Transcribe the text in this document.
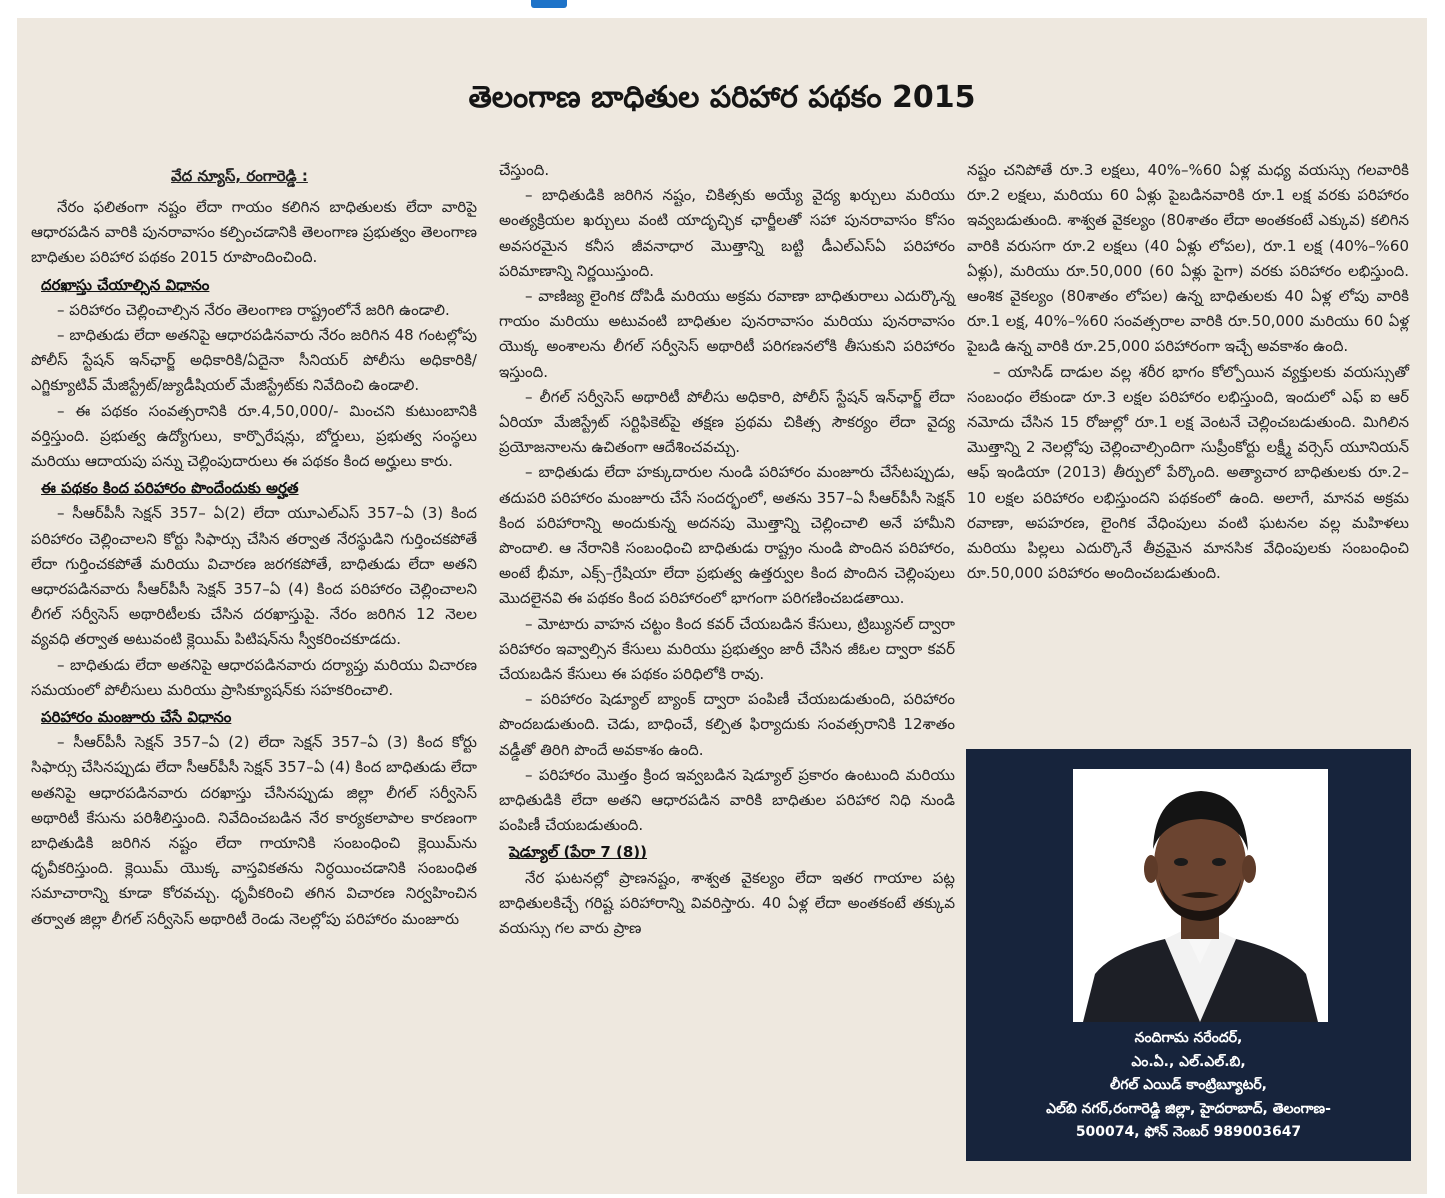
తెలంగాణ బాధితుల పరిహార పథకం 2015
వేద న్యూస్, రంగారెడ్డి :

నేరం ఫలితంగా నష్టం లేదా గాయం కలిగిన బాధితులకు లేదా వారిపై ఆధారపడిన వారికి పునరావాసం కల్పించడానికి తెలంగాణ ప్రభుత్వం తెలంగాణ బాధితుల పరిహార పథకం 2015 రూపొందించింది.

దరఖాస్తు చేయాల్సిన విధానం

– పరిహారం చెల్లించాల్సిన నేరం తెలంగాణ రాష్ట్రంలోనే జరిగి ఉండాలి.

– బాధితుడు లేదా అతనిపై ఆధారపడినవారు నేరం జరిగిన 48 గంటల్లోపు పోలీస్ స్టేషన్ ఇన్‌ఛార్జ్ అధికారికి/ఏదైనా సీనియర్ పోలీసు అధికారికి/ఎగ్జిక్యూటివ్ మేజిస్ట్రేట్/జ్యుడీషియల్ మేజిస్ట్రేట్‌కు నివేదించి ఉండాలి.

– ఈ పథకం సంవత్సరానికి రూ.4,50,000/- మించని కుటుంబానికి వర్తిస్తుంది. ప్రభుత్వ ఉద్యోగులు, కార్పొరేషన్లు, బోర్డులు, ప్రభుత్వ సంస్థలు మరియు ఆదాయపు పన్ను చెల్లింపుదారులు ఈ పథకం కింద అర్హులు కారు.

ఈ పథకం కింద పరిహారం పొందేందుకు అర్హత

– సీఆర్‌పీసీ సెక్షన్ 357– ఏ(2) లేదా యూఎల్‌ఎస్ 357–ఏ (3) కింద పరిహారం చెల్లించాలని కోర్టు సిఫార్సు చేసిన తర్వాత నేరస్థుడిని గుర్తించకపోతే లేదా గుర్తించకపోతే మరియు విచారణ జరగకపోతే, బాధితుడు లేదా అతని ఆధారపడినవారు సీఆర్‌పీసీ సెక్షన్ 357–ఏ (4) కింద పరిహారం చెల్లించాలని లీగల్ సర్వీసెస్ అథారిటీలకు చేసిన దరఖాస్తుపై. నేరం జరిగిన 12 నెలల వ్యవధి తర్వాత అటువంటి క్లెయిమ్ పిటిషన్‌ను స్వీకరించకూడదు.

– బాధితుడు లేదా అతనిపై ఆధారపడినవారు దర్యాప్తు మరియు విచారణ సమయంలో పోలీసులు మరియు ప్రాసిక్యూషన్‌కు సహకరించాలి.

పరిహారం మంజూరు చేసే విధానం

– సీఆర్‌పీసీ సెక్షన్ 357–ఏ (2) లేదా సెక్షన్ 357–ఏ (3) కింద కోర్టు సిఫార్సు చేసినప్పుడు లేదా సీఆర్‌పీసీ సెక్షన్ 357–ఏ (4) కింద బాధితుడు లేదా అతనిపై ఆధారపడినవారు దరఖాస్తు చేసినప్పుడు జిల్లా లీగల్ సర్వీసెస్ అథారిటీ కేసును పరిశీలిస్తుంది. నివేదించబడిన నేర కార్యకలాపాల కారణంగా బాధితుడికి జరిగిన నష్టం లేదా గాయానికి సంబంధించి క్లెయిమ్‌ను ధృవీకరిస్తుంది. క్లెయిమ్ యొక్క వాస్తవికతను నిర్ధయించడానికి సంబంధిత సమాచారాన్ని కూడా కోరవచ్చు. ధృవీకరించి తగిన విచారణ నిర్వహించిన తర్వాత జిల్లా లీగల్ సర్వీసెస్ అథారిటీ రెండు నెలల్లోపు పరిహారం మంజూరు

చేస్తుంది.

– బాధితుడికి జరిగిన నష్టం, చికిత్సకు అయ్యే వైద్య ఖర్చులు మరియు అంత్యక్రియల ఖర్చులు వంటి యాదృచ్ఛిక ఛార్జీలతో సహా పునరావాసం కోసం అవసరమైన కనీస జీవనాధార మొత్తాన్ని బట్టి డీఎల్‌ఎస్ఏ పరిహారం పరిమాణాన్ని నిర్ణయిస్తుంది.

– వాణిజ్య లైంగిక దోపిడీ మరియు అక్రమ రవాణా బాధితురాలు ఎదుర్కొన్న గాయం మరియు అటువంటి బాధితుల పునరావాసం మరియు పునరావాసం యొక్క అంశాలను లీగల్ సర్వీసెస్ అథారిటీ పరిగణనలోకి తీసుకుని పరిహారం ఇస్తుంది.

– లీగల్ సర్వీసెస్ అథారిటీ పోలీసు అధికారి, పోలీస్ స్టేషన్ ఇన్‌ఛార్జ్ లేదా ఏరియా మేజిస్ట్రేట్ సర్టిఫికెట్‌పై తక్షణ ప్రథమ చికిత్స సౌకర్యం లేదా వైద్య ప్రయోజనాలను ఉచితంగా ఆదేశించవచ్చు.

– బాధితుడు లేదా హక్కుదారుల నుండి పరిహారం మంజూరు చేసేటప్పుడు, తదుపరి పరిహారం మంజూరు చేసే సందర్భంలో, అతను 357–ఏ సీఆర్‌పీసీ సెక్షన్ కింద పరిహారాన్ని అందుకున్న అదనపు మొత్తాన్ని చెల్లించాలి అనే హామీని పొందాలి. ఆ నేరానికి సంబంధించి బాధితుడు రాష్ట్రం నుండి పొందిన పరిహారం, అంటే భీమా, ఎక్స్‌–గ్రేషియా లేదా ప్రభుత్వ ఉత్తర్వుల కింద పొందిన చెల్లింపులు మొదలైనవి ఈ పథకం కింద పరిహారంలో భాగంగా పరిగణించబడతాయి.

– మోటారు వాహన చట్టం కింద కవర్ చేయబడిన కేసులు, ట్రిబ్యునల్ ద్వారా పరిహారం ఇవ్వాల్సిన కేసులు మరియు ప్రభుత్వం జారీ చేసిన జీఓల ద్వారా కవర్ చేయబడిన కేసులు ఈ పథకం పరిధిలోకి రావు.

– పరిహారం షెడ్యూల్ బ్యాంక్ ద్వారా పంపిణీ చేయబడుతుంది, పరిహారం పొందబడుతుంది. చెడు, బాధించే, కల్పిత ఫిర్యాదుకు సంవత్సరానికి 12శాతం వడ్డీతో తిరిగి పొందే అవకాశం ఉంది.

– పరిహారం మొత్తం క్రింద ఇవ్వబడిన షెడ్యూల్ ప్రకారం ఉంటుంది మరియు బాధితుడికి లేదా అతని ఆధారపడిన వారికి బాధితుల పరిహార నిధి నుండి పంపిణీ చేయబడుతుంది.

షెడ్యూల్ (పేరా 7 (8))

నేర ఘటనల్లో ప్రాణనష్టం, శాశ్వత వైకల్యం లేదా ఇతర గాయాల పట్ల బాధితులకిచ్చే గరిష్ట పరిహారాన్ని వివరిస్తారు. 40 ఏళ్ల లేదా అంతకంటే తక్కువ వయస్సు గల వారు ప్రాణ

నష్టం చనిపోతే రూ.3 లక్షలు, 40%–%60 ఏళ్ల మధ్య వయస్సు గలవారికి రూ.2 లక్షలు, మరియు 60 ఏళ్లు పైబడినవారికి రూ.1 లక్ష వరకు పరిహారం ఇవ్వబడుతుంది. శాశ్వత వైకల్యం (80శాతం లేదా అంతకంటే ఎక్కువ) కలిగిన వారికి వరుసగా రూ.2 లక్షలు (40 ఏళ్లు లోపల), రూ.1 లక్ష (40%–%60 ఏళ్లు), మరియు రూ.50,000 (60 ఏళ్లు పైగా) వరకు పరిహారం లభిస్తుంది. ఆంశిక వైకల్యం (80శాతం లోపల) ఉన్న బాధితులకు 40 ఏళ్ల లోపు వారికి రూ.1 లక్ష, 40%–%60 సంవత్సరాల వారికి రూ.50,000 మరియు 60 ఏళ్ల పైబడి ఉన్న వారికి రూ.25,000 పరిహారంగా ఇచ్చే అవకాశం ఉంది.

– యాసిడ్ దాడుల వల్ల శరీర భాగం కోల్పోయిన వ్యక్తులకు వయస్సుతో సంబంధం లేకుండా రూ.3 లక్షల పరిహారం లభిస్తుంది, ఇందులో ఎఫ్ ఐ ఆర్ నమోదు చేసిన 15 రోజుల్లో రూ.1 లక్ష వెంటనే చెల్లించబడుతుంది. మిగిలిన మొత్తాన్ని 2 నెలల్లోపు చెల్లించాల్సిందిగా సుప్రీంకోర్టు లక్ష్మీ వర్సెస్ యూనియన్ ఆఫ్ ఇండియా (2013) తీర్పులో పేర్కొంది. అత్యాచార బాధితులకు రూ.2–10 లక్షల పరిహారం లభిస్తుందని పథకంలో ఉంది. అలాగే, మానవ అక్రమ రవాణా, అపహరణ, లైంగిక వేధింపులు వంటి ఘటనల వల్ల మహిళలు మరియు పిల్లలు ఎదుర్కొనే తీవ్రమైన మానసిక వేధింపులకు సంబంధించి రూ.50,000 పరిహారం అందించబడుతుంది.

నందిగామ నరేందర్,
ఎం.ఏ., ఎల్.ఎల్.బి,
లీగల్ ఎయిడ్ కాంట్రిబ్యూటర్,
ఎల్‌బి నగర్,రంగారెడ్డి జిల్లా, హైదరాబాద్, తెలంగాణ-
500074, ఫోన్ నెంబర్ 989003647
